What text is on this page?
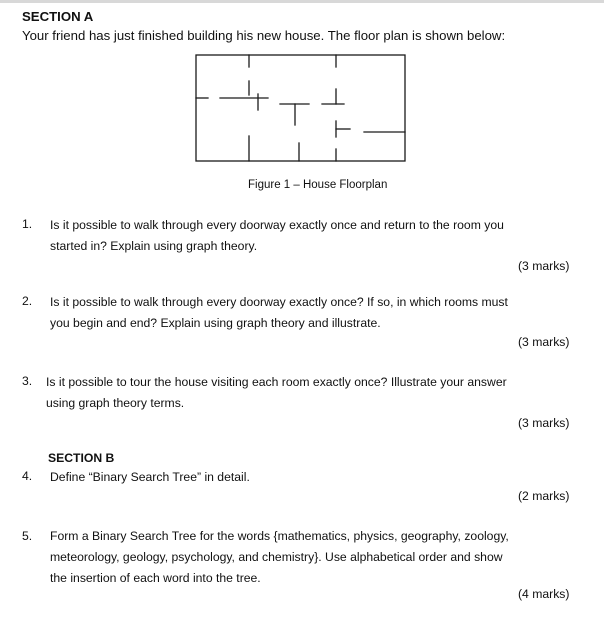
SECTION A
Your friend has just finished building his new house. The floor plan is shown below:
Figure 1 – House Floorplan
1. Is it possible to walk through every doorway exactly once and return to the room you
started in? Explain using graph theory.
(3 marks)
2. Is it possible to walk through every doorway exactly once? If so, in which rooms must
you begin and end? Explain using graph theory and illustrate.
(3 marks)
3. Is it possible to tour the house visiting each room exactly once? Illustrate your answer
using graph theory terms.
(3 marks)
SECTION B
4. Define “Binary Search Tree” in detail.
(2 marks)
5. Form a Binary Search Tree for the words {mathematics, physics, geography, zoology,
meteorology, geology, psychology, and chemistry}. Use alphabetical order and show
the insertion of each word into the tree.
(4 marks)
